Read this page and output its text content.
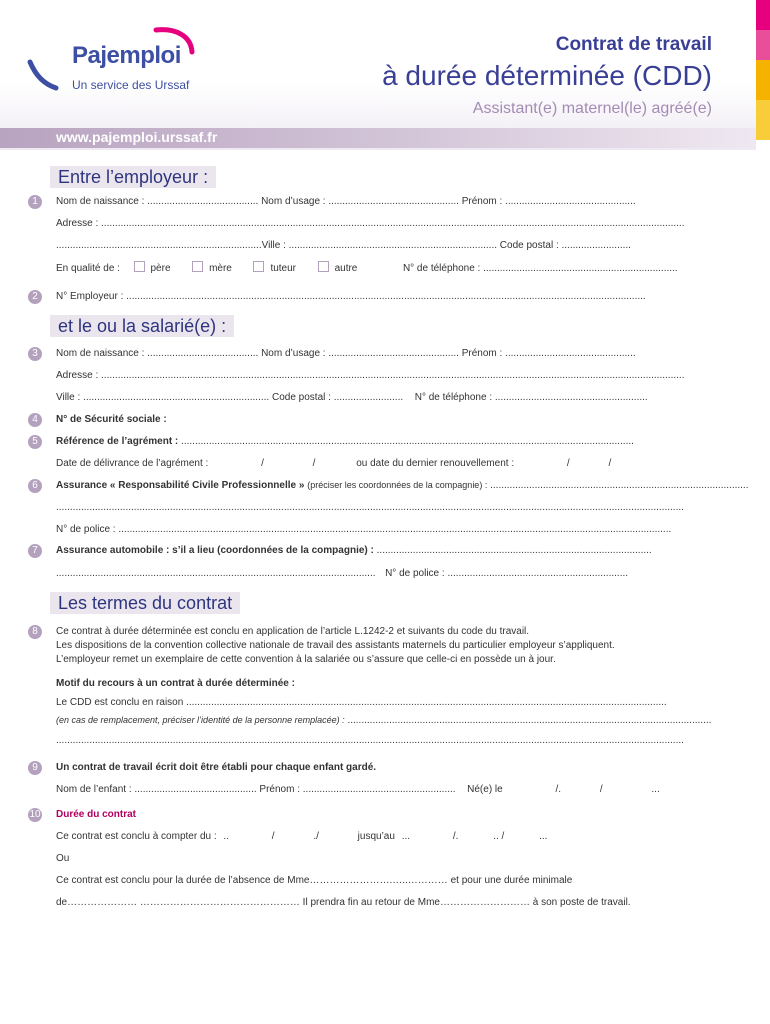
Pajemploi
Un service des Urssaf
Contrat de travail
à durée déterminée (CDD)
Assistant(e) maternel(le) agréé(e)
www.pajemploi.urssaf.fr
Entre l’employeur :
1	Nom de naissance : ........................................ Nom d’usage : ............................................... Prénom : ...............................................
Adresse : ..................................................................................................................................................................................................................
..........................................................................Ville : ........................................................................... Code postal : .........................
En qualité de :	père	mère	tuteur	autre	N° de téléphone : ......................................................................
2	N° Employeur : ...........................................................................................................................................................................................
et le ou la salarié(e) :
3	Nom de naissance : ........................................ Nom d’usage : ............................................... Prénom : ...............................................
Adresse : ..................................................................................................................................................................................................................
Ville : ................................................................... Code postal : ......................... N° de téléphone : .......................................................
4	N° de Sécurité sociale :
5	Référence de l’agrément : ...................................................................................................................................................................
Date de délivrance de l’agrément :	/	/	ou date du dernier renouvellement :	/	/
6	Assurance « Responsabilité Civile Professionnelle » (préciser les coordonnées de la compagnie) : .............................................................................................
..................................................................................................................................................................................................................................
N° de police : .......................................................................................................................................................................................................
7	Assurance automobile : s’il a lieu (coordonnées de la compagnie) : ...................................................................................................
................................................................................................................... N° de police : .................................................................
Les termes du contrat
8	Ce contrat à durée déterminée est conclu en application de l’article L.1242-2 et suivants du code du travail.
Les dispositions de la convention collective nationale de travail des assistants maternels du particulier employeur s’appliquent.
L’employeur remet un exemplaire de cette convention à la salariée ou s’assure que celle-ci en possède un à jour.
Motif du recours à un contrat à durée déterminée :
Le CDD est conclu en raison .............................................................................................................................................................................
(en cas de remplacement, préciser l’identité de la personne remplacée) : ...................................................................................................................................
..................................................................................................................................................................................................................................
9	Un contrat de travail écrit doit être établi pour chaque enfant gardé.
Nom de l’enfant : ............................................ Prénom : ....................................................... Né(e) le	/.	/	...
10 Durée du contrat
Ce contrat est conclu à compter du : ..	/	./	jusqu’au ...	/.	.. /	...
Ou
Ce contrat est conclu pour la durée de l’absence de Mme…………………….…..………… et pour une durée minimale
de………………… ………………………………………… Il prendra fin au retour de Mme……………………… à son poste de travail.
